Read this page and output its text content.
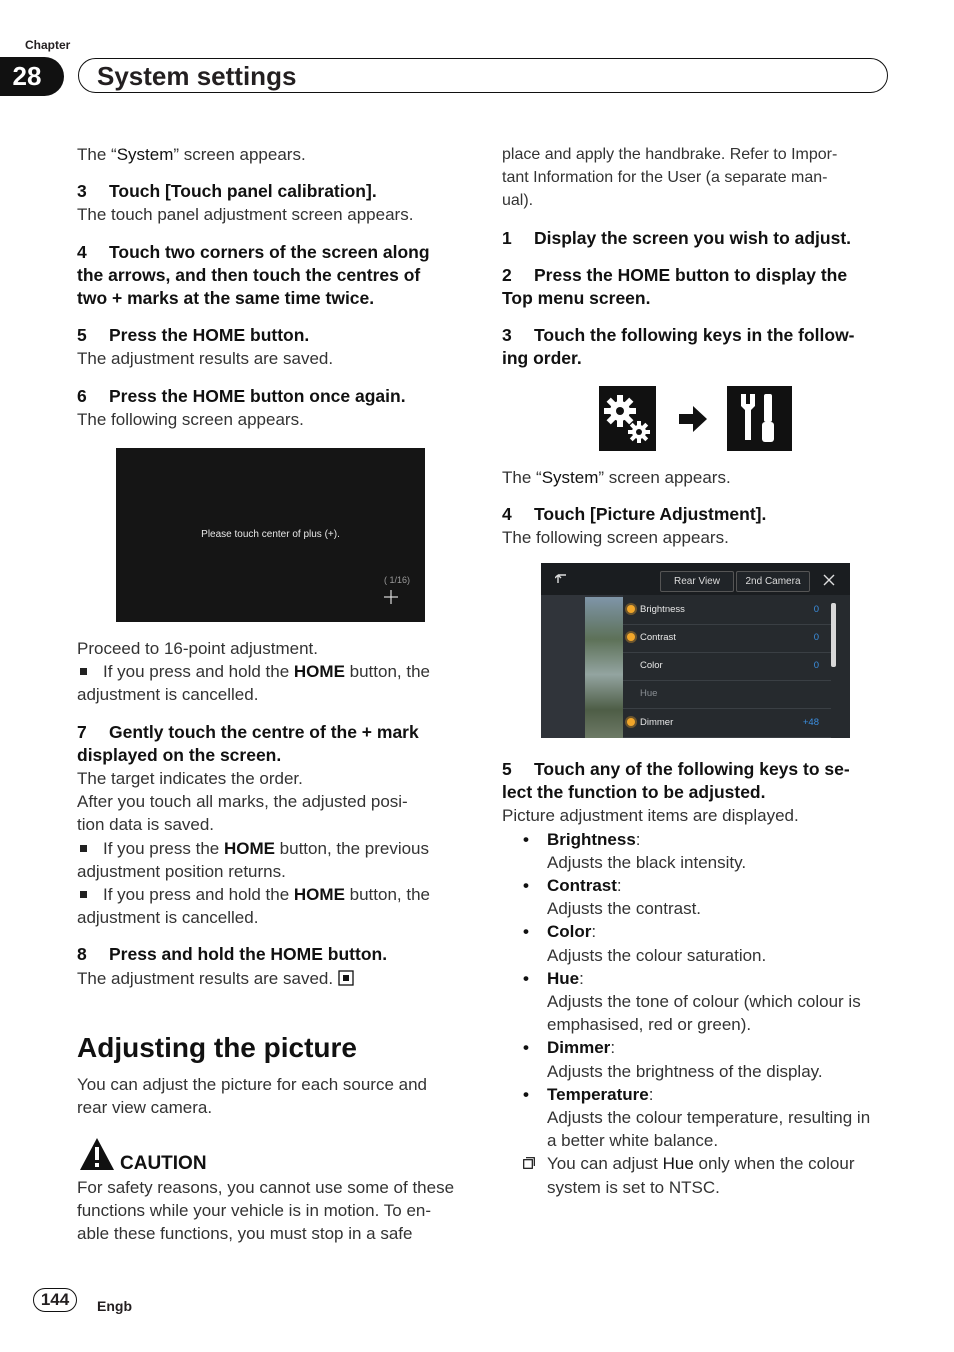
Chapter
28	System settings

The “System” screen appears.

3 Touch [Touch panel calibration].

The touch panel adjustment screen appears.

4 Touch two corners of the screen along

the arrows, and then touch the centres of

two + marks at the same time twice.

5 Press the HOME button.

The adjustment results are saved.

6 Press the HOME button once again.

The following screen appears.

Please touch center of plus (+).
( 1/16)

Proceed to 16-point adjustment.

If you press and hold the HOME button, the

adjustment is cancelled.

7 Gently touch the centre of the + mark

displayed on the screen.

The target indicates the order.

After you touch all marks, the adjusted posi-

tion data is saved.

If you press the HOME button, the previous

adjustment position returns.

If you press and hold the HOME button, the

adjustment is cancelled.

8 Press and hold the HOME button.

The adjustment results are saved.

Adjusting the picture

You can adjust the picture for each source and

rear view camera.

CAUTION

For safety reasons, you cannot use some of these

functions while your vehicle is in motion. To en-

able these functions, you must stop in a safe

place and apply the handbrake. Refer to Impor-

tant Information for the User (a separate man-

ual).

1 Display the screen you wish to adjust.

2 Press the HOME button to display the

Top menu screen.

3 Touch the following keys in the follow-

ing order.

The “System” screen appears.

4 Touch [Picture Adjustment].

The following screen appears.

Rear View	2nd Camera
Brightness	0
Contrast	0
Color	0
Hue
Dimmer	+48

5 Touch any of the following keys to se-

lect the function to be adjusted.

Picture adjustment items are displayed.

• Brightness:
Adjusts the black intensity.
• Contrast:
Adjusts the contrast.
• Color:
Adjusts the colour saturation.
• Hue:
Adjusts the tone of colour (which colour is
emphasised, red or green).
• Dimmer:
Adjusts the brightness of the display.
• Temperature:
Adjusts the colour temperature, resulting in
a better white balance.

You can adjust Hue only when the colour
system is set to NTSC.

144	Engb
